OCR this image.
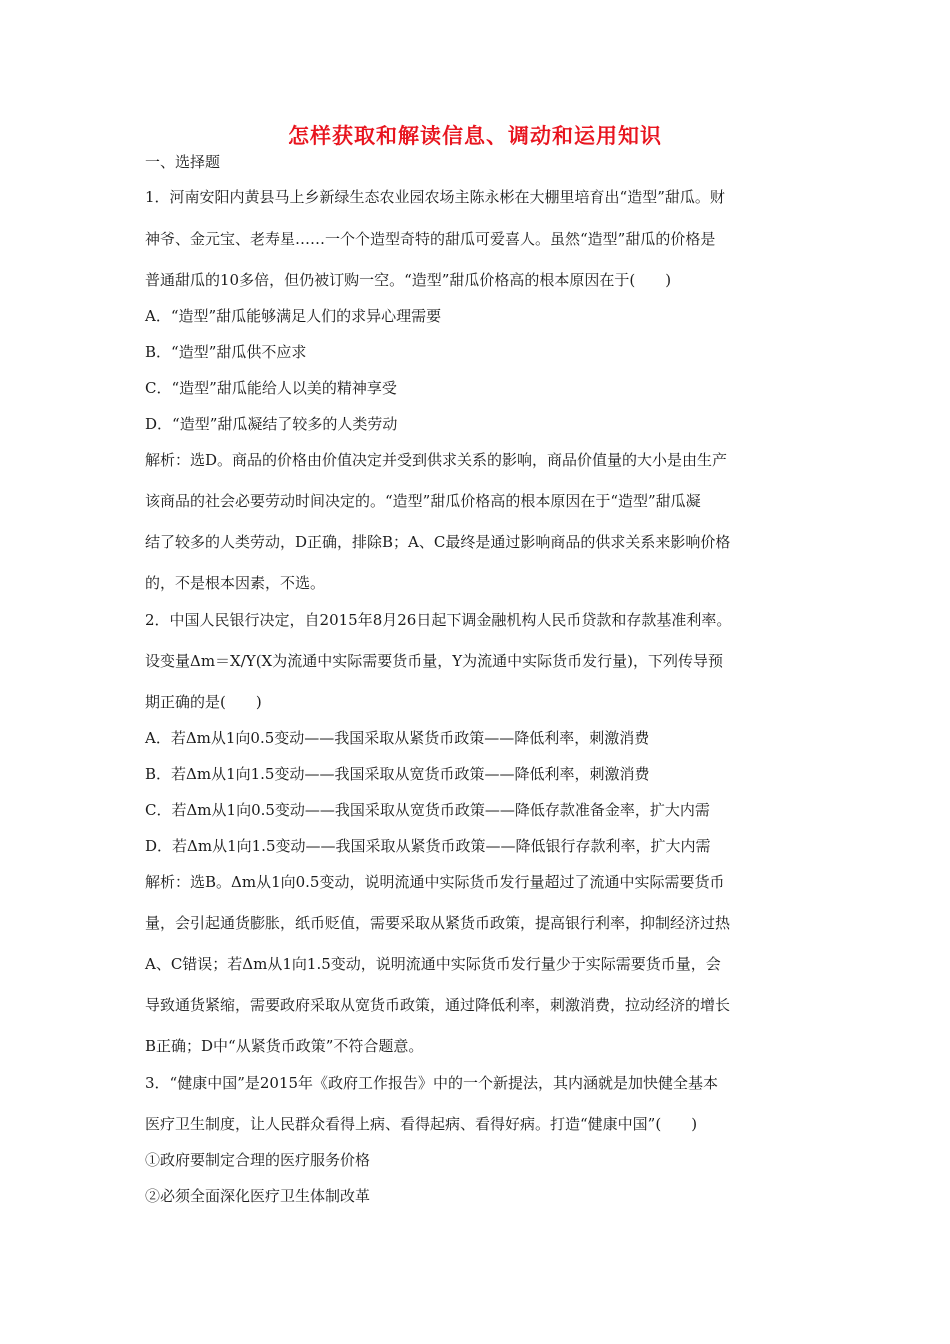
怎样获取和解读信息、调动和运用知识
一、选择题
1．河南安阳内黄县马上乡新绿生态农业园农场主陈永彬在大棚里培育出“造型”甜瓜。财
神爷、金元宝、老寿星……一个个造型奇特的甜瓜可爱喜人。虽然“造型”甜瓜的价格是
普通甜瓜的10多倍，但仍被订购一空。“造型”甜瓜价格高的根本原因在于(　　)
A．“造型”甜瓜能够满足人们的求异心理需要
B．“造型”甜瓜供不应求
C．“造型”甜瓜能给人以美的精神享受
D．“造型”甜瓜凝结了较多的人类劳动
解析：选D。商品的价格由价值决定并受到供求关系的影响，商品价值量的大小是由生产
该商品的社会必要劳动时间决定的。“造型”甜瓜价格高的根本原因在于“造型”甜瓜凝
结了较多的人类劳动，D正确，排除B；A、C最终是通过影响商品的供求关系来影响价格
的，不是根本因素，不选。
2．中国人民银行决定，自2015年8月26日起下调金融机构人民币贷款和存款基准利率。
设变量Δm＝X/Y(X为流通中实际需要货币量，Y为流通中实际货币发行量)，下列传导预
期正确的是(　　)
A．若Δm从1向0.5变动——我国采取从紧货币政策——降低利率，刺激消费
B．若Δm从1向1.5变动——我国采取从宽货币政策——降低利率，刺激消费
C．若Δm从1向0.5变动——我国采取从宽货币政策——降低存款准备金率，扩大内需
D．若Δm从1向1.5变动——我国采取从紧货币政策——降低银行存款利率，扩大内需
解析：选B。Δm从1向0.5变动，说明流通中实际货币发行量超过了流通中实际需要货币
量，会引起通货膨胀，纸币贬值，需要采取从紧货币政策，提高银行利率，抑制经济过热
A、C错误；若Δm从1向1.5变动，说明流通中实际货币发行量少于实际需要货币量，会
导致通货紧缩，需要政府采取从宽货币政策，通过降低利率，刺激消费，拉动经济的增长
B正确；D中“从紧货币政策”不符合题意。
3．“健康中国”是2015年《政府工作报告》中的一个新提法，其内涵就是加快健全基本
医疗卫生制度，让人民群众看得上病、看得起病、看得好病。打造“健康中国”(　　)
①政府要制定合理的医疗服务价格
②必须全面深化医疗卫生体制改革
